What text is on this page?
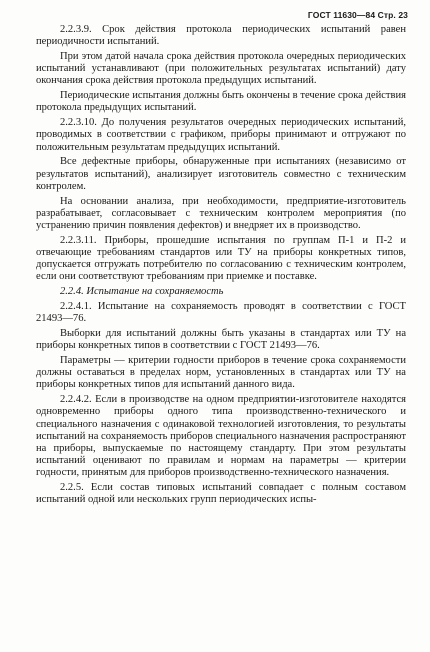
ГОСТ 11630—84 Стр. 23

2.2.3.9. Срок действия протокола периодических испытаний равен периодичности испытаний.

При этом датой начала срока действия протокола очередных периодических испытаний устанавливают (при положительных результатах испытаний) дату окончания срока действия протокола предыдущих испытаний.

Периодические испытания должны быть окончены в течение срока действия протокола предыдущих испытаний.

2.2.3.10. До получения результатов очередных периодических испытаний, проводимых в соответствии с графиком, приборы принимают и отгружают по положительным результатам предыдущих испытаний.

Все дефектные приборы, обнаруженные при испытаниях (независимо от результатов испытаний), анализирует изготовитель совместно с техническим контролем.

На основании анализа, при необходимости, предприятие-изготовитель разрабатывает, согласовывает с техническим контролем мероприятия (по устранению причин появления дефектов) и внедряет их в производство.

2.2.3.11. Приборы, прошедшие испытания по группам П-1 и П-2 и отвечающие требованиям стандартов или ТУ на приборы конкретных типов, допускается отгружать потребителю по согласованию с техническим контролем, если они соответствуют требованиям при приемке и поставке.

2.2.4. Испытание на сохраняемость

2.2.4.1. Испытание на сохраняемость проводят в соответствии с ГОСТ 21493—76.

Выборки для испытаний должны быть указаны в стандартах или ТУ на приборы конкретных типов в соответствии с ГОСТ 21493—76.

Параметры — критерии годности приборов в течение срока сохраняемости должны оставаться в пределах норм, установленных в стандартах или ТУ на приборы конкретных типов для испытаний данного вида.

2.2.4.2. Если в производстве на одном предприятии-изготовителе находятся одновременно приборы одного типа производственно-технического и специального назначения с одинаковой технологией изготовления, то результаты испытаний на сохраняемость приборов специального назначения распространяют на приборы, выпускаемые по настоящему стандарту. При этом результаты испытаний оценивают по правилам и нормам на параметры — критерии годности, принятым для приборов производственно-технического назначения.

2.2.5. Если состав типовых испытаний совпадает с полным составом испытаний одной или нескольких групп периодических испы-
